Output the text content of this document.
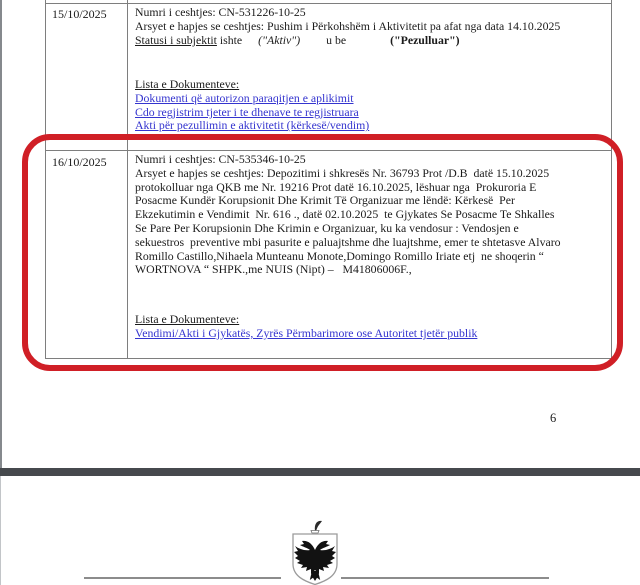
15/10/2025 Numri i ceshtjes: CN-531226-10-25
Arsyet e hapjes se ceshtjes: Pushim i Përkohshëm i Aktivitetit pa afat nga data 14.10.2025
Statusi i subjektit ishte ("Aktiv") u be	("Pezulluar")
Lista e Dokumenteve:
Dokumenti që autorizon paraqitjen e aplikimit
Cdo regjistrim tjeter i te dhenave te regjistruara
Akti për pezullimin e aktivitetit (kërkesë/vendim)
16/10/2025 Numri i ceshtjes: CN-535346-10-25
Arsyet e hapjes se ceshtjes: Depozitimi i shkresës Nr. 36793 Prot /D.B  datë 15.10.2025
protokolluar nga QKB me Nr. 19216 Prot datë 16.10.2025, lëshuar nga  Prokuroria E
Posacme Kundër Korupsionit Dhe Krimit Të Organizuar me lëndë: Kërkesë  Per
Ekzekutimin e Vendimit  Nr. 616 ., datë 02.10.2025  te Gjykates Se Posacme Te Shkalles
Se Pare Per Korupsionin Dhe Krimin e Organizuar, ku ka vendosur : Vendosjen e
sekuestros  preventive mbi pasurite e paluajtshme dhe luajtshme, emer te shtetasve Alvaro
Romillo Castillo,Nihaela Munteanu Monote,Domingo Romillo Iriate etj  ne shoqerin “
WORTNOVA “ SHPK.,me NUIS (Nipt) –   M41806006F.,
Lista e Dokumenteve:
Vendimi/Akti i Gjykatës, Zyrës Përmbarimore ose Autoritet tjetër publik
6
